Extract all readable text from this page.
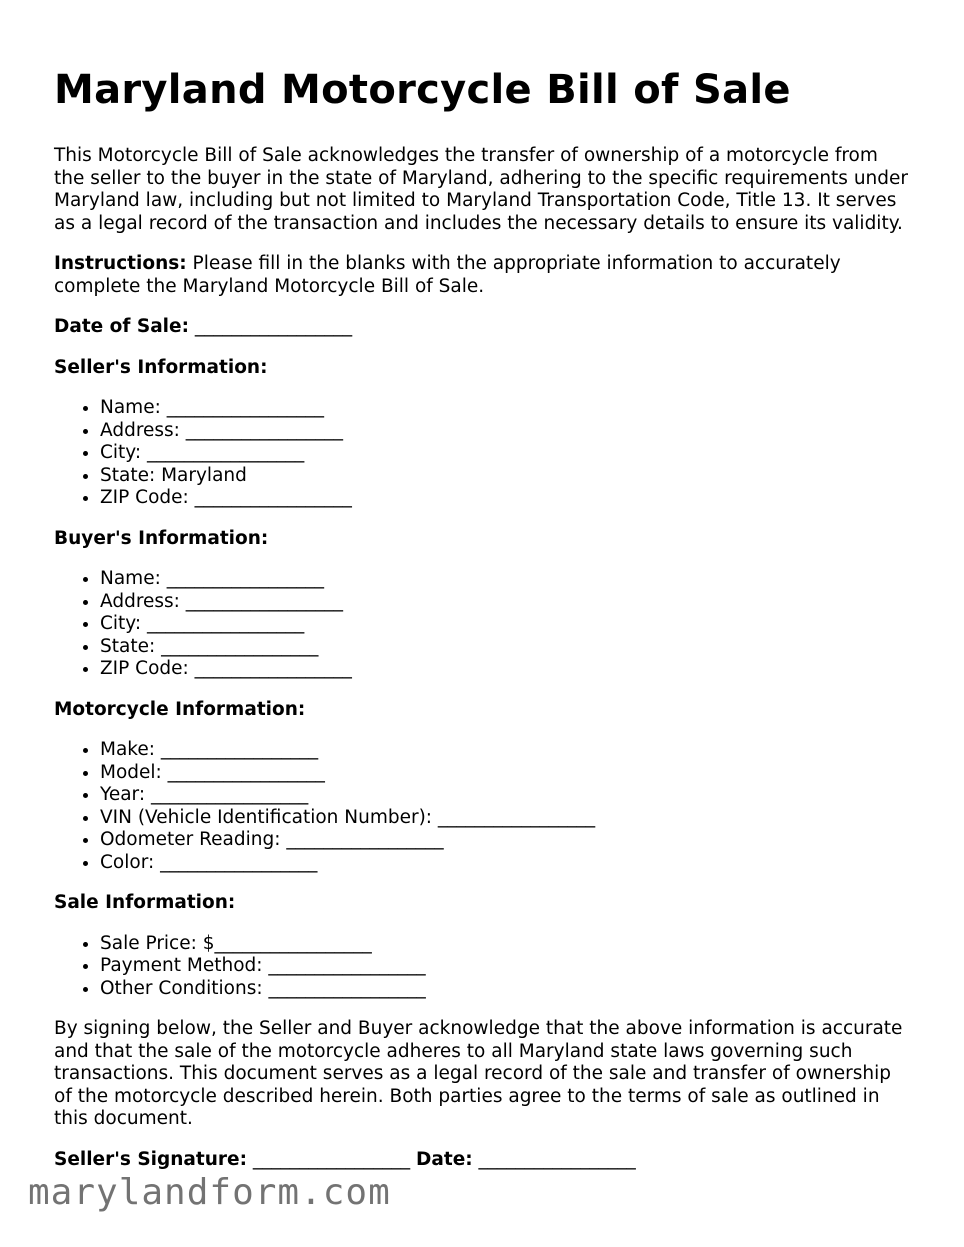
Maryland Motorcycle Bill of Sale

This Motorcycle Bill of Sale acknowledges the transfer of ownership of a motorcycle from the seller to the buyer in the state of Maryland, adhering to the specific requirements under Maryland law, including but not limited to Maryland Transportation Code, Title 13. It serves as a legal record of the transaction and includes the necessary details to ensure its validity.

Instructions: Please fill in the blanks with the appropriate information to accurately complete the Maryland Motorcycle Bill of Sale.

Date of Sale: _________________

Seller's Information:
• Name: _________________
• Address: _________________
• City: _________________
• State: Maryland
• ZIP Code: _________________
Buyer's Information:
• Name: _________________
• Address: _________________
• City: _________________
• State: _________________
• ZIP Code: _________________
Motorcycle Information:
• Make: _________________
• Model: _________________
• Year: _________________
• VIN (Vehicle Identification Number): _________________
• Odometer Reading: _________________
• Color: _________________
Sale Information:
• Sale Price: $_________________
• Payment Method: _________________
• Other Conditions: _________________

By signing below, the Seller and Buyer acknowledge that the above information is accurate and that the sale of the motorcycle adheres to all Maryland state laws governing such transactions. This document serves as a legal record of the sale and transfer of ownership of the motorcycle described herein. Both parties agree to the terms of sale as outlined in this document.

Seller's Signature: _________________ Date: _________________

marylandform.com
